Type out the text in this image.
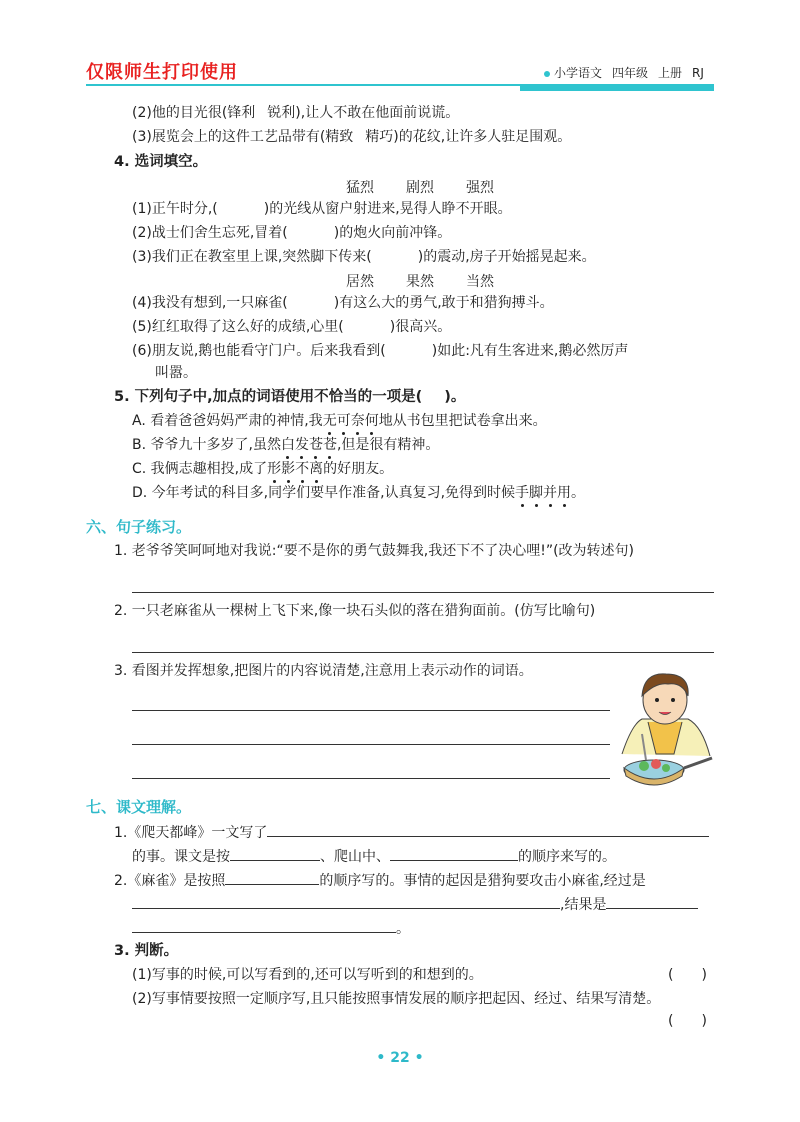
仅限师生打印使用	小学语文 四年级 上册 RJ
(2)他的目光很(锋利 锐利),让人不敢在他面前说谎。
(3)展览会上的这件工艺品带有(精致 精巧)的花纹,让许多人驻足围观。
4. 选词填空。
猛烈 剧烈 强烈
(1)正午时分,(	)的光线从窗户射进来,晃得人睁不开眼。
(2)战士们舍生忘死,冒着(	)的炮火向前冲锋。
(3)我们正在教室里上课,突然脚下传来(	)的震动,房子开始摇晃起来。
居然 果然 当然
(4)我没有想到,一只麻雀(	)有这么大的勇气,敢于和猎狗搏斗。
(5)红红取得了这么好的成绩,心里(	)很高兴。
(6)朋友说,鹅也能看守门户。后来我看到(	)如此:凡有生客进来,鹅必然厉声
叫嚣。
5. 下列句子中,加点的词语使用不恰当的一项是( )。
A. 看着爸爸妈妈严肃的神情,我无可奈何地从书包里把试卷拿出来。
B. 爷爷九十多岁了,虽然白发苍苍,但是很有精神。
C. 我俩志趣相投,成了形影不离的好朋友。
D. 今年考试的科目多,同学们要早作准备,认真复习,免得到时候手脚并用。
六、句子练习。
1. 老爷爷笑呵呵地对我说:“要不是你的勇气鼓舞我,我还下不了决心哩!”(改为转述句)
2. 一只老麻雀从一棵树上飞下来,像一块石头似的落在猎狗面前。(仿写比喻句)
3. 看图并发挥想象,把图片的内容说清楚,注意用上表示动作的词语。
七、课文理解。
1.《爬天都峰》一文写了
的事。课文是按	、爬山中、	的顺序来写的。
2.《麻雀》是按照	的顺序写的。事情的起因是猎狗要攻击小麻雀,经过是
,结果是
。
3. 判断。
(1)写事的时候,可以写看到的,还可以写听到的和想到的。	( )
(2)写事情要按照一定顺序写,且只能按照事情发展的顺序把起因、经过、结果写清楚。
( )
• 22 •
